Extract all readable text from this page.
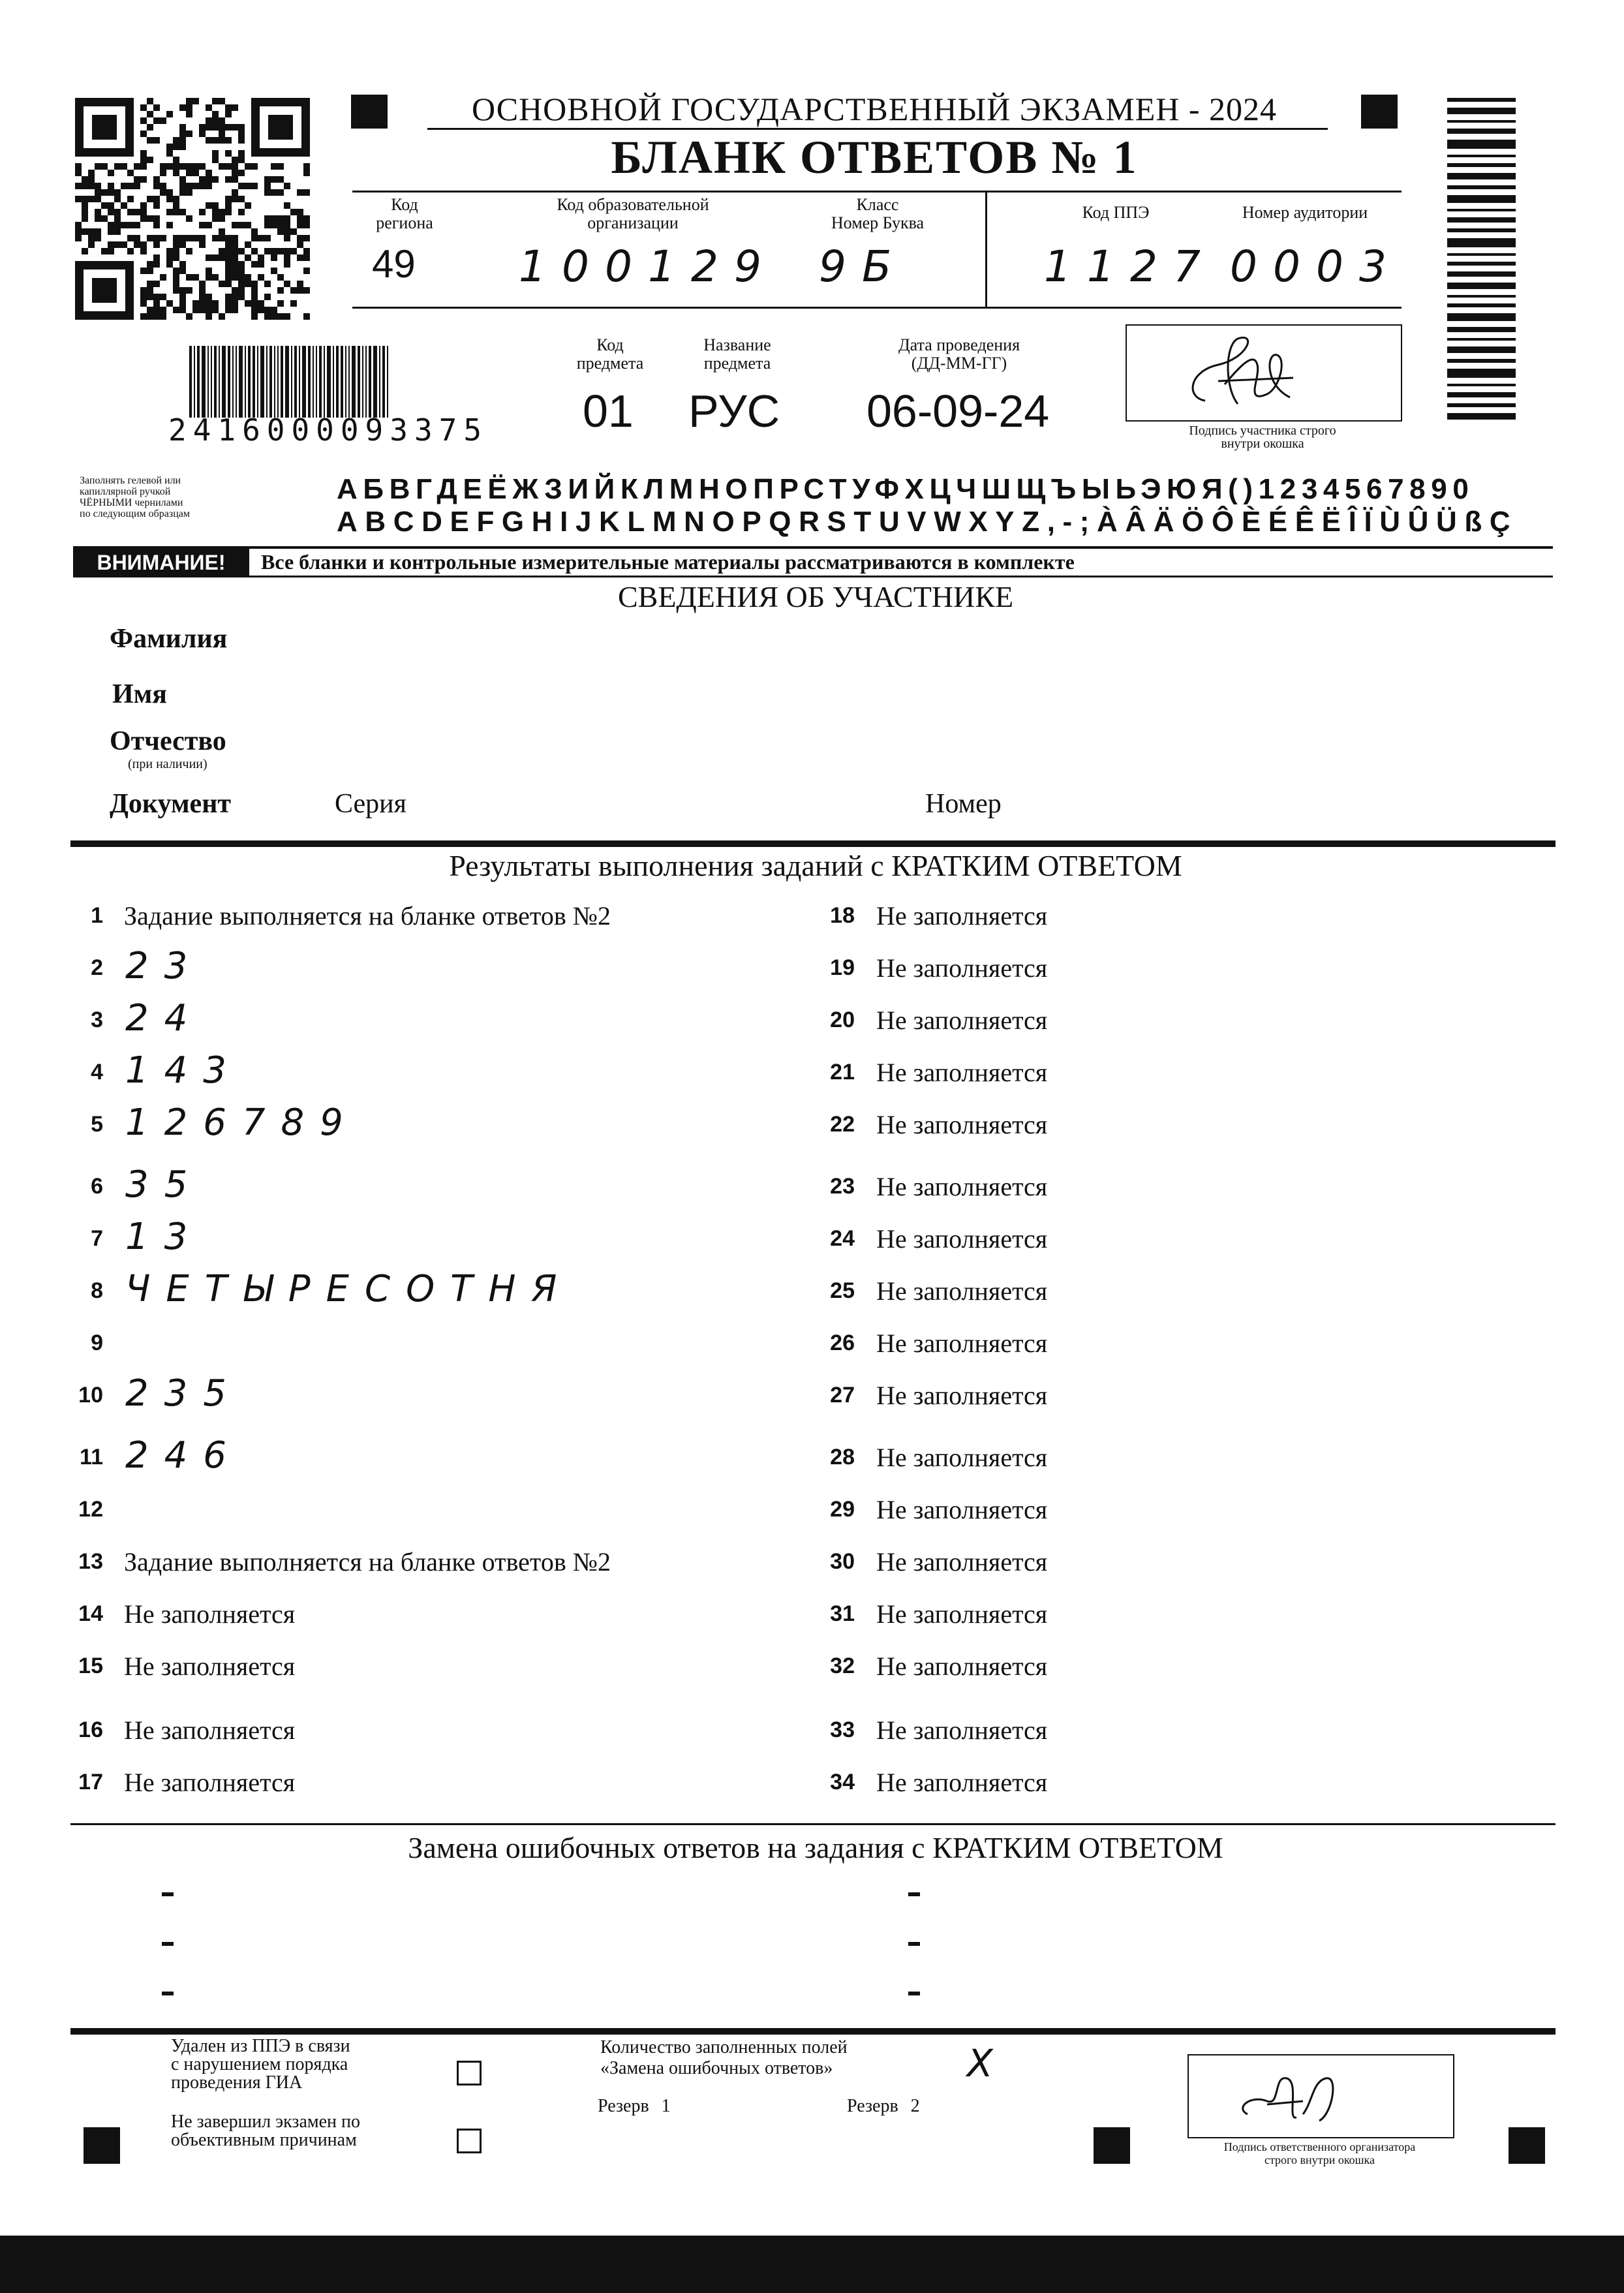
ОСНОВНОЙ ГОСУДАРСТВЕННЫЙ ЭКЗАМЕН - 2024
БЛАНК ОТВЕТОВ № 1
Код
региона
49
Код образовательной
организации
100129
Класс
Номер Буква
9Б
Код ППЭ
1127
Номер аудитории
0003
2416000093375
Код
предмета
01
Название
предмета
РУС
Дата проведения
(ДД-ММ-ГГ)
06-09-24	Подпись участника строго
внутри окошка
Заполнять гелевой или
капиллярной ручкой
ЧЁРНЫМИ чернилами
по следующим образцам
АБВГДЕЁЖЗИЙКЛМНОПРСТУФХЦЧШЩЪЫЬЭЮЯ()1234567890
ABCDEFGHIJKLMNOPQRSTUVWXYZ,-;ÀÂÄÖÔÈÉÊËÎÏÙÛÜßÇ
ВНИМАНИЕ!	Все бланки и контрольные измерительные материалы рассматриваются в комплекте
СВЕДЕНИЯ ОБ УЧАСТНИКЕ
Фамилия
Имя
Отчество
(при наличии)
Документ	Серия	Номер
Результаты выполнения заданий с КРАТКИМ ОТВЕТОМ
1 Задание выполняется на бланке ответов №2
2 23
3 24
4 143
5 126789
6 35
7 13
8 ЧЕТЫРЕСОТНЯ
9
10 235
11 246
12
13 Задание выполняется на бланке ответов №2
14 Не заполняется
15 Не заполняется
16 Не заполняется
17 Не заполняется
18 Не заполняется
19 Не заполняется
20 Не заполняется
21 Не заполняется
22 Не заполняется
23 Не заполняется
24 Не заполняется
25 Не заполняется
26 Не заполняется
27 Не заполняется
28 Не заполняется
29 Не заполняется
30 Не заполняется
31 Не заполняется
32 Не заполняется
33 Не заполняется
34 Не заполняется
Замена ошибочных ответов на задания с КРАТКИМ ОТВЕТОМ
Удален из ППЭ в связи
с нарушением порядка
проведения ГИА
Не завершил экзамен по
объективным причинам
Количество заполненных полей
«Замена ошибочных ответов»	X
Резерв 1	Резерв 2
Подпись ответственного организатора
строго внутри окошка
